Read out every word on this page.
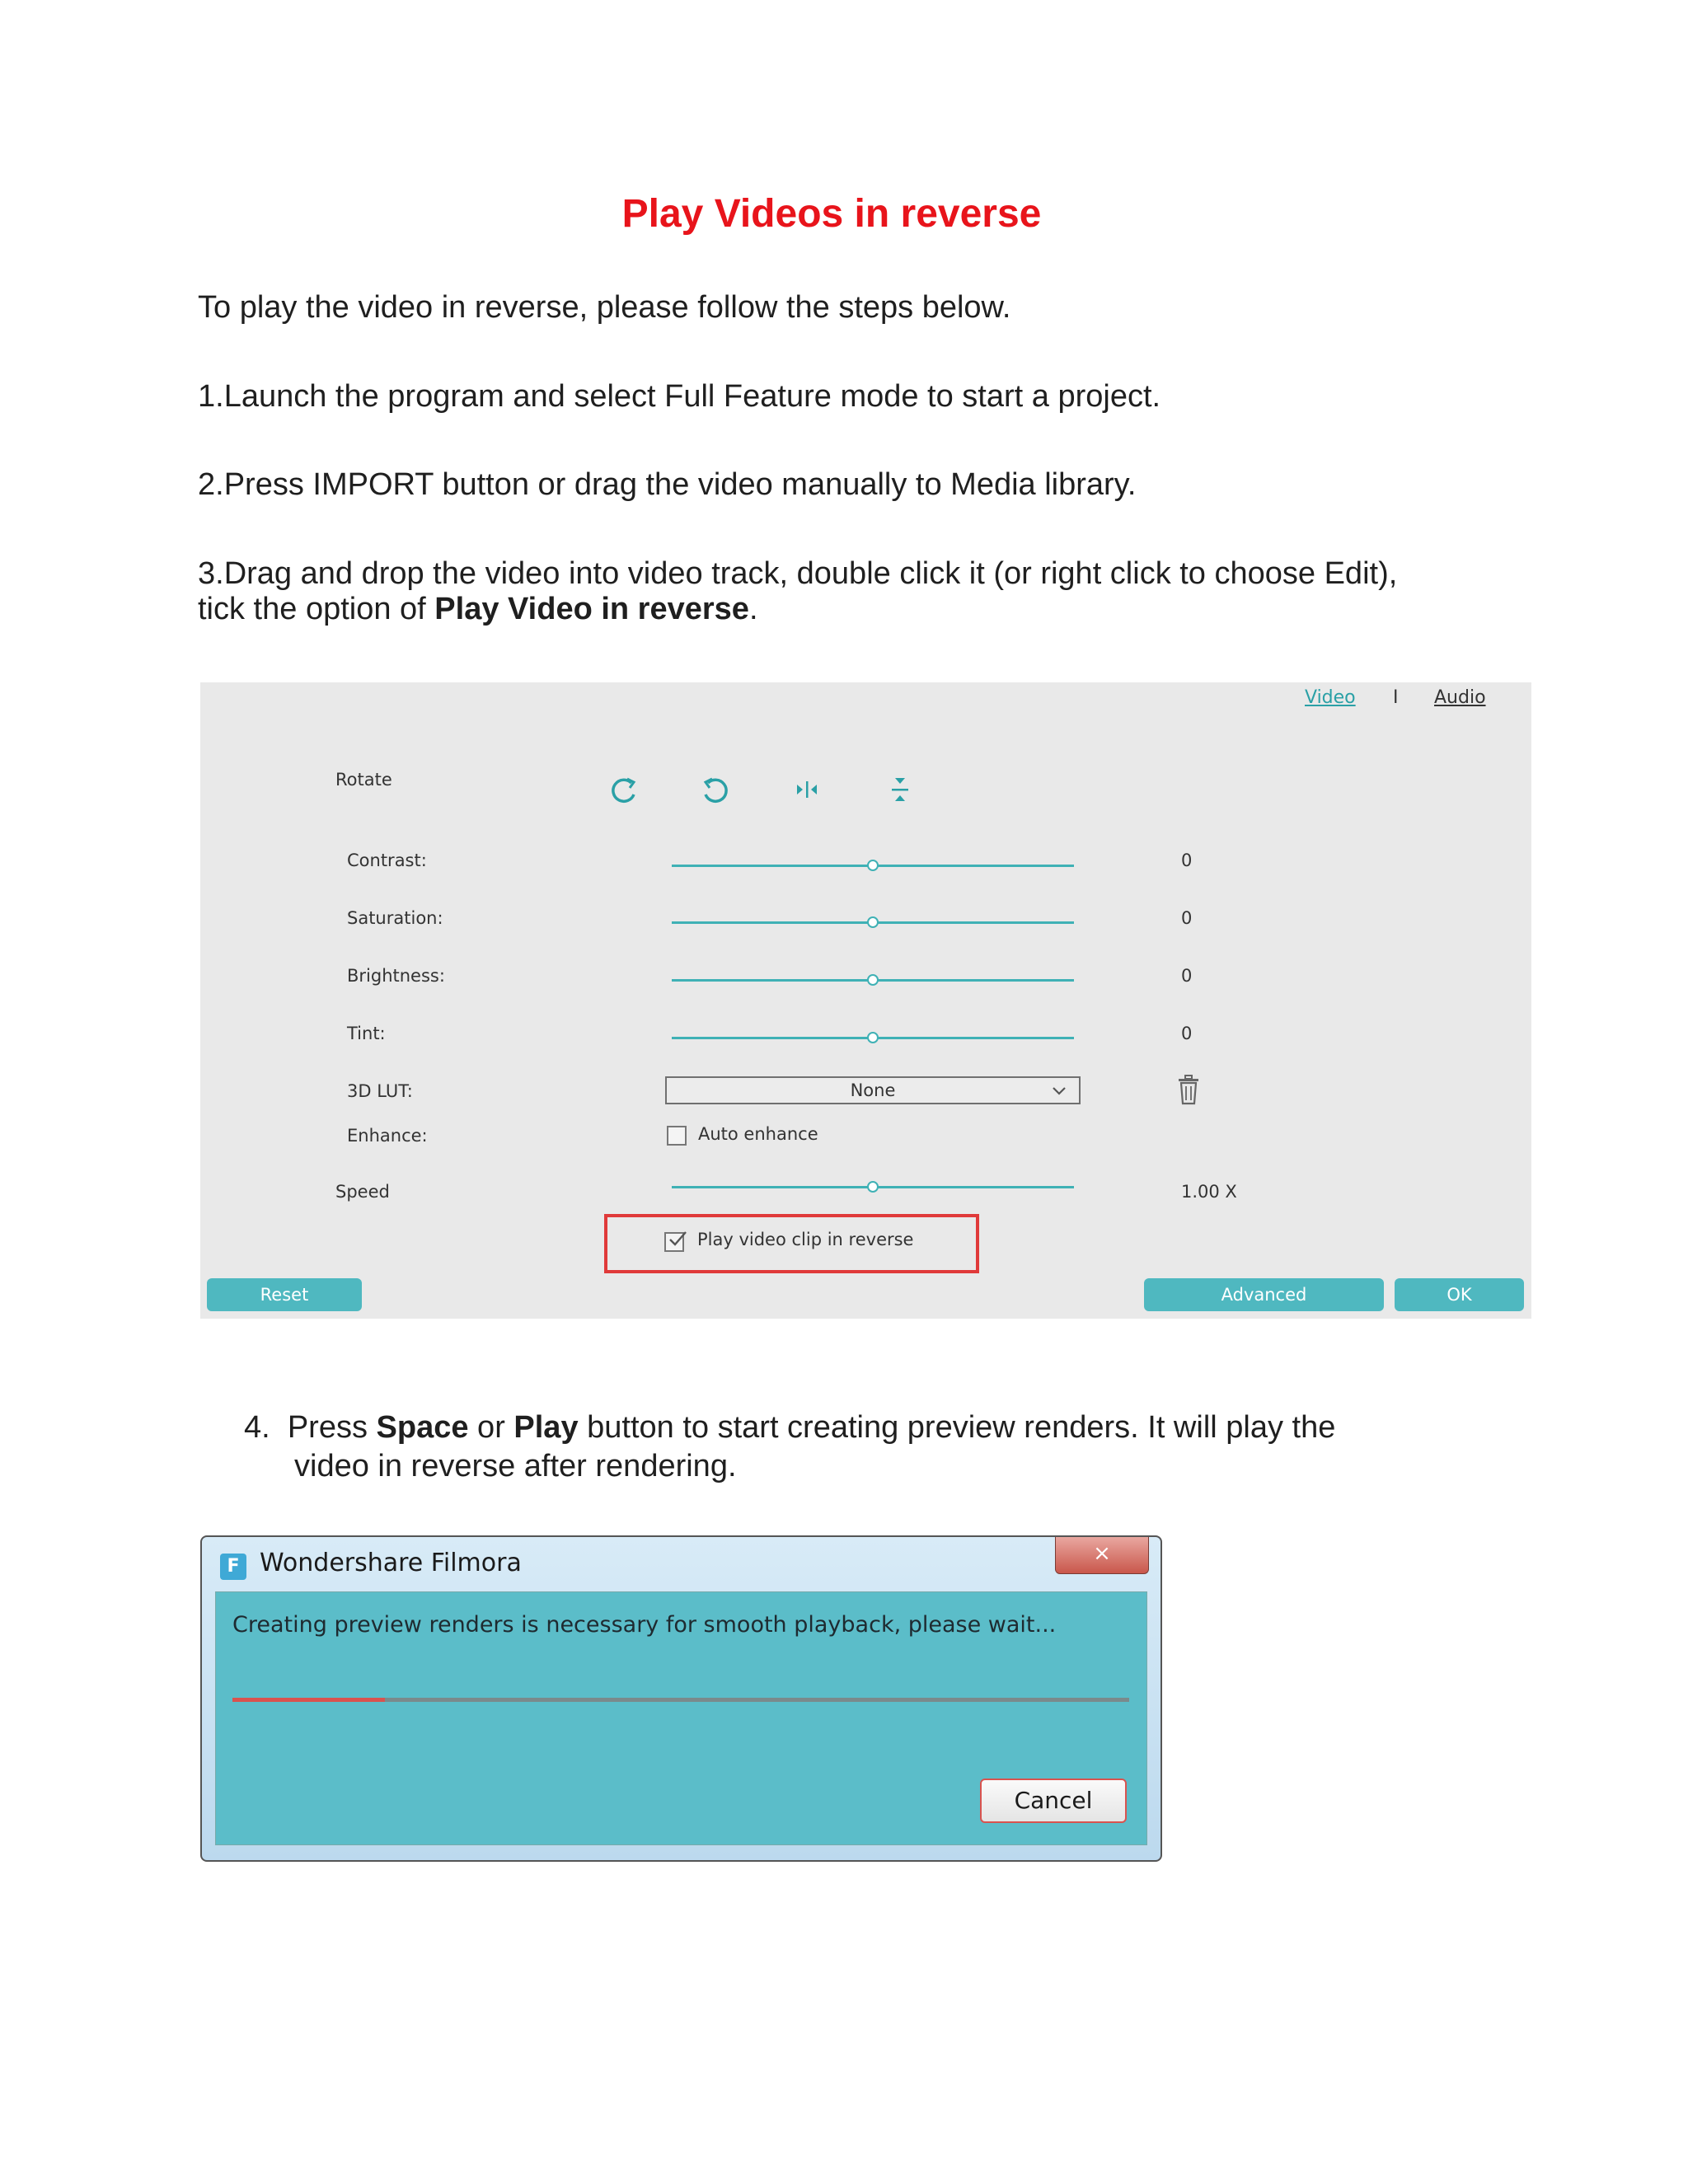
Play Videos in reverse
To play the video in reverse, please follow the steps below.
1.Launch the program and select Full Feature mode to start a project.
2.Press IMPORT button or drag the video manually to Media library.
3.Drag and drop the video into video track, double click it (or right click to choose Edit),
tick the option of Play Video in reverse.
Video I Audio
Rotate
Contrast:	0
Saturation:	0
Brightness:	0
Tint:	0
3D LUT:	None
Enhance:	Auto enhance
Speed	1.00 X
Play video clip in reverse
Reset	Advanced	OK
4. Press Space or Play button to start creating preview renders. It will play the
video in reverse after rendering.
F Wondershare Filmora	×
Creating preview renders is necessary for smooth playback, please wait...
Cancel
